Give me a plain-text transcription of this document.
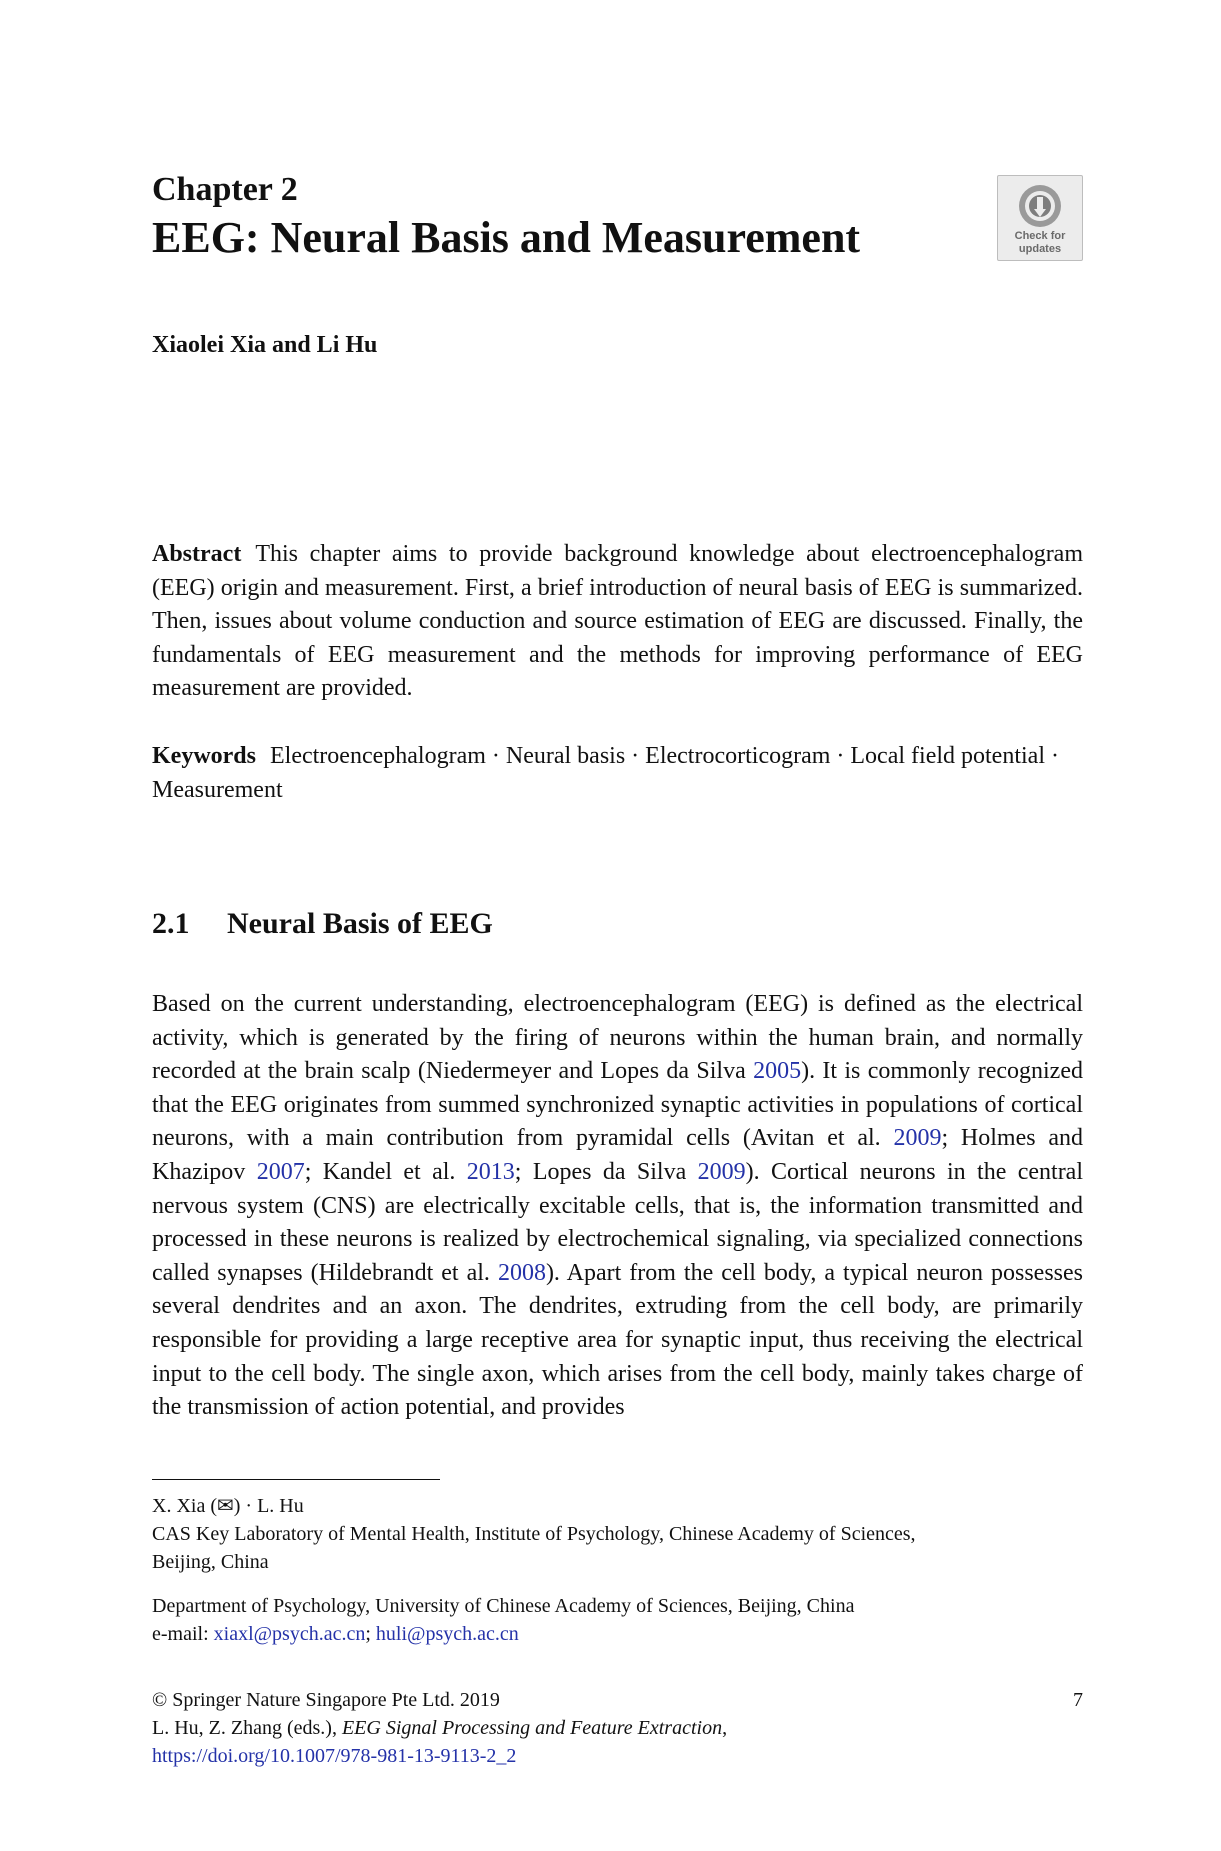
Chapter 2
EEG: Neural Basis and Measurement	Check for
updates
Xiaolei Xia and Li Hu
Abstract This chapter aims to provide background knowledge about electroencephalogram (EEG) origin and measurement. First, a brief introduction of neural basis of EEG is summarized. Then, issues about volume conduction and source estimation of EEG are discussed. Finally, the fundamentals of EEG measurement and the methods for improving performance of EEG measurement are provided.
Keywords Electroencephalogram · Neural basis · Electrocorticogram · Local field potential · Measurement
2.1 Neural Basis of EEG
Based on the current understanding, electroencephalogram (EEG) is defined as the electrical activity, which is generated by the firing of neurons within the human brain, and normally recorded at the brain scalp (Niedermeyer and Lopes da Silva 2005). It is commonly recognized that the EEG originates from summed synchronized synaptic activities in populations of cortical neurons, with a main contribution from pyramidal cells (Avitan et al. 2009; Holmes and Khazipov 2007; Kandel et al. 2013; Lopes da Silva 2009). Cortical neurons in the central nervous system (CNS) are electrically excitable cells, that is, the information transmitted and processed in these neurons is realized by electrochemical signaling, via specialized connections called synapses (Hildebrandt et al. 2008). Apart from the cell body, a typical neuron possesses several dendrites and an axon. The dendrites, extruding from the cell body, are primarily responsible for providing a large receptive area for synaptic input, thus receiving the electrical input to the cell body. The single axon, which arises from the cell body, mainly takes charge of the transmission of action potential, and provides
X. Xia (✉) · L. Hu
CAS Key Laboratory of Mental Health, Institute of Psychology, Chinese Academy of Sciences,
Beijing, China
Department of Psychology, University of Chinese Academy of Sciences, Beijing, China
e-mail: xiaxl@psych.ac.cn; huli@psych.ac.cn
© Springer Nature Singapore Pte Ltd. 2019	7
L. Hu, Z. Zhang (eds.), EEG Signal Processing and Feature Extraction,
https://doi.org/10.1007/978-981-13-9113-2_2
